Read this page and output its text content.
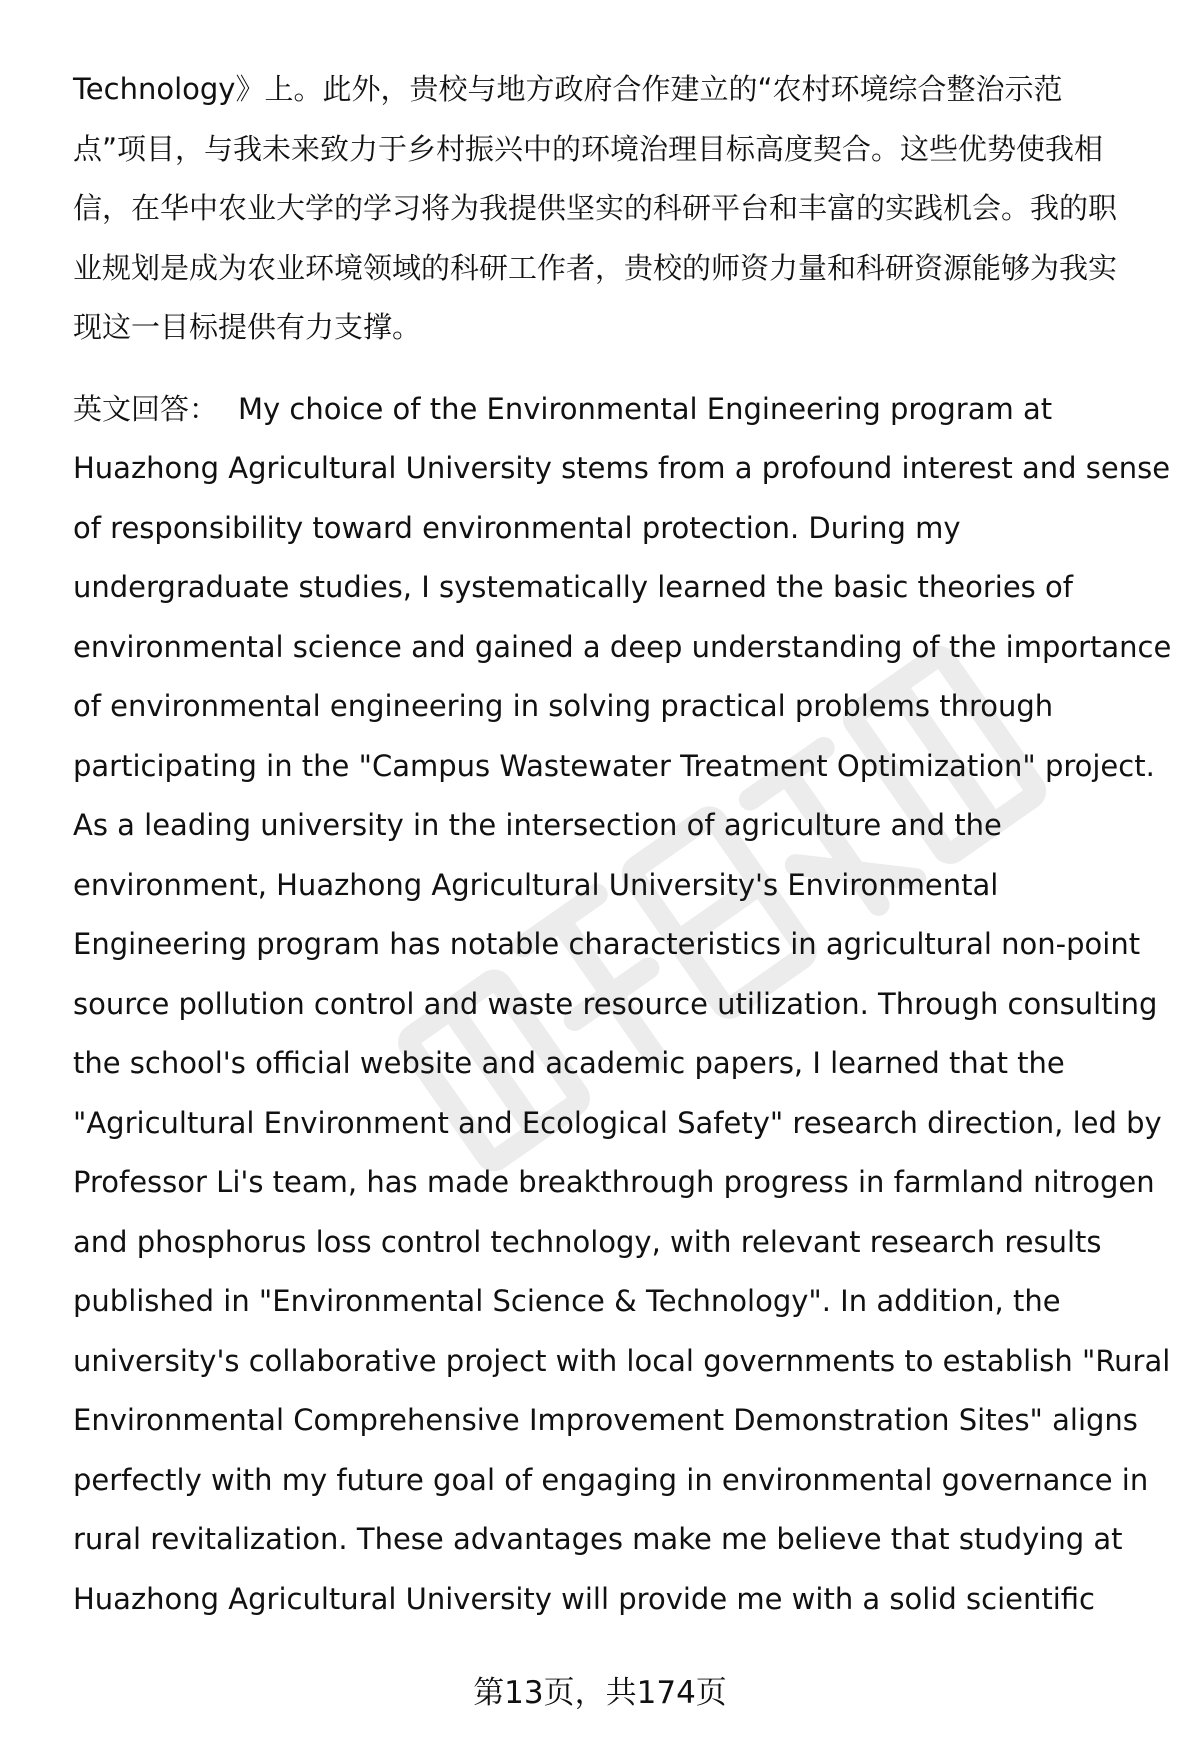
Technology》上。此外，贵校与地方政府合作建立的“农村环境综合整治示范
点”项目，与我未来致力于乡村振兴中的环境治理目标高度契合。这些优势使我相
信，在华中农业大学的学习将为我提供坚实的科研平台和丰富的实践机会。我的职
业规划是成为农业环境领域的科研工作者，贵校的师资力量和科研资源能够为我实
现这一目标提供有力支撑。

英文回答： My choice of the Environmental Engineering program at
Huazhong Agricultural University stems from a profound interest and sense
of responsibility toward environmental protection. During my
undergraduate studies, I systematically learned the basic theories of
environmental science and gained a deep understanding of the importance
of environmental engineering in solving practical problems through
participating in the "Campus Wastewater Treatment Optimization" project.
As a leading university in the intersection of agriculture and the
environment, Huazhong Agricultural University's Environmental
Engineering program has notable characteristics in agricultural non-point
source pollution control and waste resource utilization. Through consulting
the school's official website and academic papers, I learned that the
"Agricultural Environment and Ecological Safety" research direction, led by
Professor Li's team, has made breakthrough progress in farmland nitrogen
and phosphorus loss control technology, with relevant research results
published in "Environmental Science & Technology". In addition, the
university's collaborative project with local governments to establish "Rural
Environmental Comprehensive Improvement Demonstration Sites" aligns
perfectly with my future goal of engaging in environmental governance in
rural revitalization. These advantages make me believe that studying at
Huazhong Agricultural University will provide me with a solid scientific

第13页，共174页
